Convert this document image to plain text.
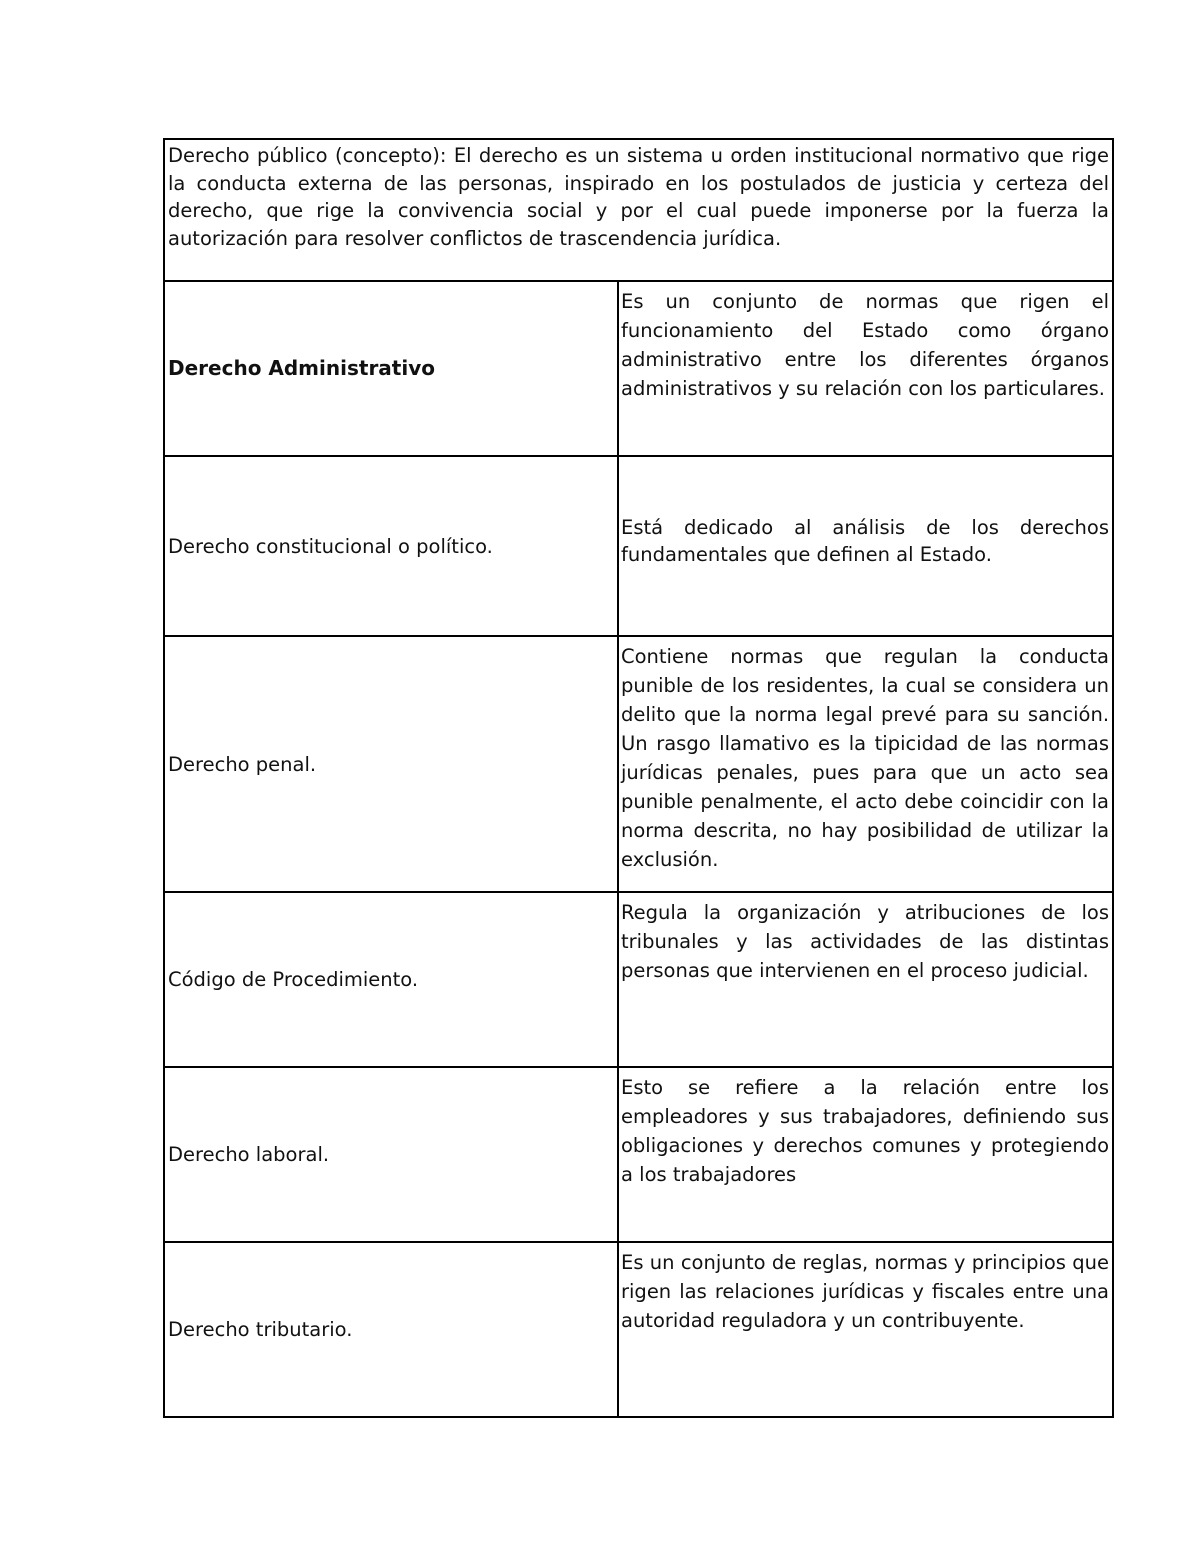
Derecho público (concepto): El derecho es un sistema u orden institucional normativo que rige la conducta externa de las personas, inspirado en los postulados de justicia y certeza del derecho, que rige la convivencia social y por el cual puede imponerse por la fuerza la autorización para resolver conflictos de trascendencia jurídica.	
Derecho Administrativo	Es un conjunto de normas que rigen el funcionamiento del Estado como órgano administrativo entre los diferentes órganos administrativos y su relación con los particulares.
Derecho constitucional o político.	Está dedicado al análisis de los derechos fundamentales que definen al Estado.
Derecho penal.	Contiene normas que regulan la conducta punible de los residentes, la cual se considera un delito que la norma legal prevé para su sanción. Un rasgo llamativo es la tipicidad de las normas jurídicas penales, pues para que un acto sea punible penalmente, el acto debe coincidir con la norma descrita, no hay posibilidad de utilizar la exclusión.
Código de Procedimiento.	Regula la organización y atribuciones de los tribunales y las actividades de las distintas personas que intervienen en el proceso judicial.
Derecho laboral.	Esto se refiere a la relación entre los empleadores y sus trabajadores, definiendo sus obligaciones y derechos comunes y protegiendo a los trabajadores
Derecho tributario.	Es un conjunto de reglas, normas y principios que rigen las relaciones jurídicas y fiscales entre una autoridad reguladora y un contribuyente.
